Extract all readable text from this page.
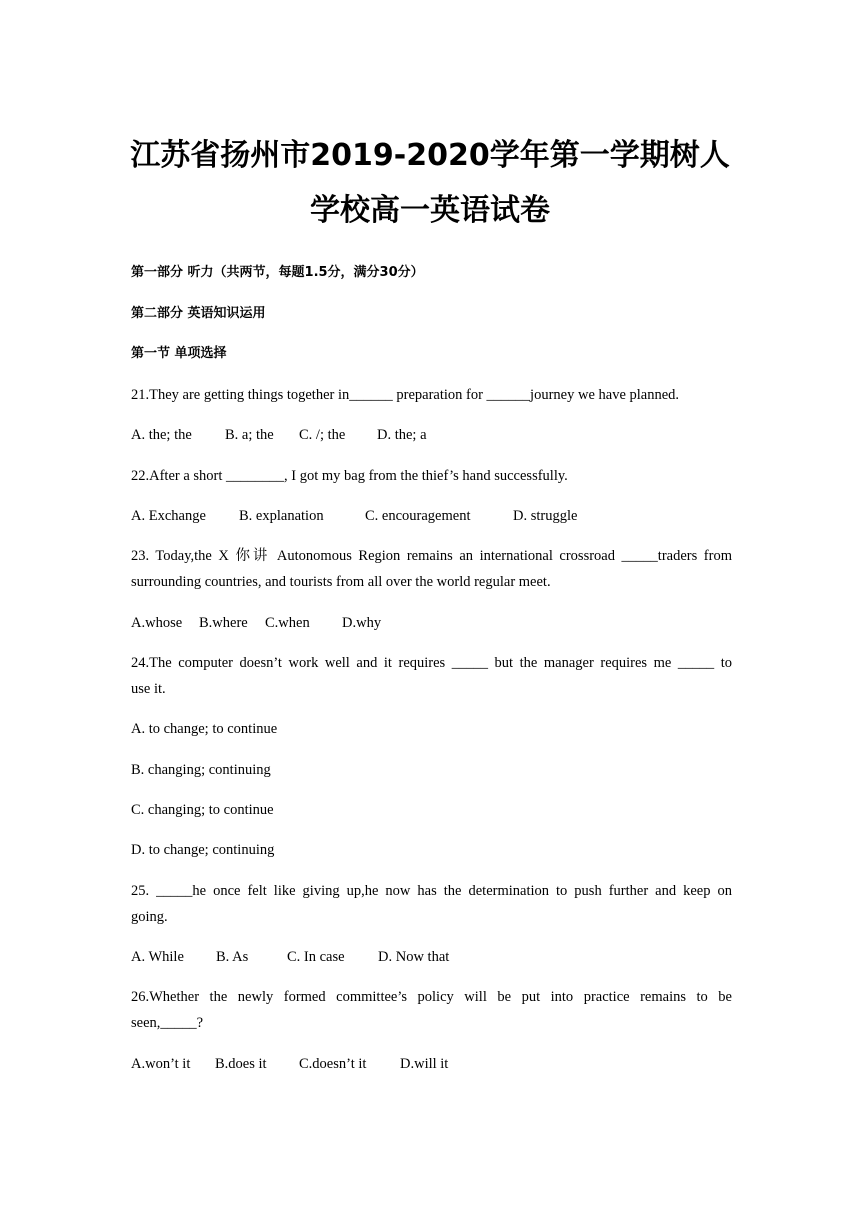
江苏省扬州市2019-2020学年第一学期树人
学校高一英语试卷
第一部分 听力（共两节，每题1.5分，满分30分）
第二部分 英语知识运用
第一节 单项选择
21.They are getting things together in______ preparation for ______journey we have planned.
A. the; the B. a; the C. /; the D. the; a
22.After a short ________, I got my bag from the thief’s hand successfully.
A. Exchange B. explanation	C. encouragement	D. struggle
23. Today,the X 你讲 Autonomous Region remains an international crossroad _____traders from
surrounding countries, and tourists from all over the world regular meet.
A.whose B.where C.when D.why
24.The computer doesn’t work well and it requires _____ but the manager requires me _____ to
use it.
A. to change; to continue
B. changing; continuing
C. changing; to continue
D. to change; continuing
25. _____he once felt like giving up,he now has the determination to push further and keep on
going.
A. While B. As	C. In case D. Now that
26.Whether the newly formed committee’s policy will be put into practice remains to be
seen,_____?
A.won’t it B.does it C.doesn’t it D.will it
